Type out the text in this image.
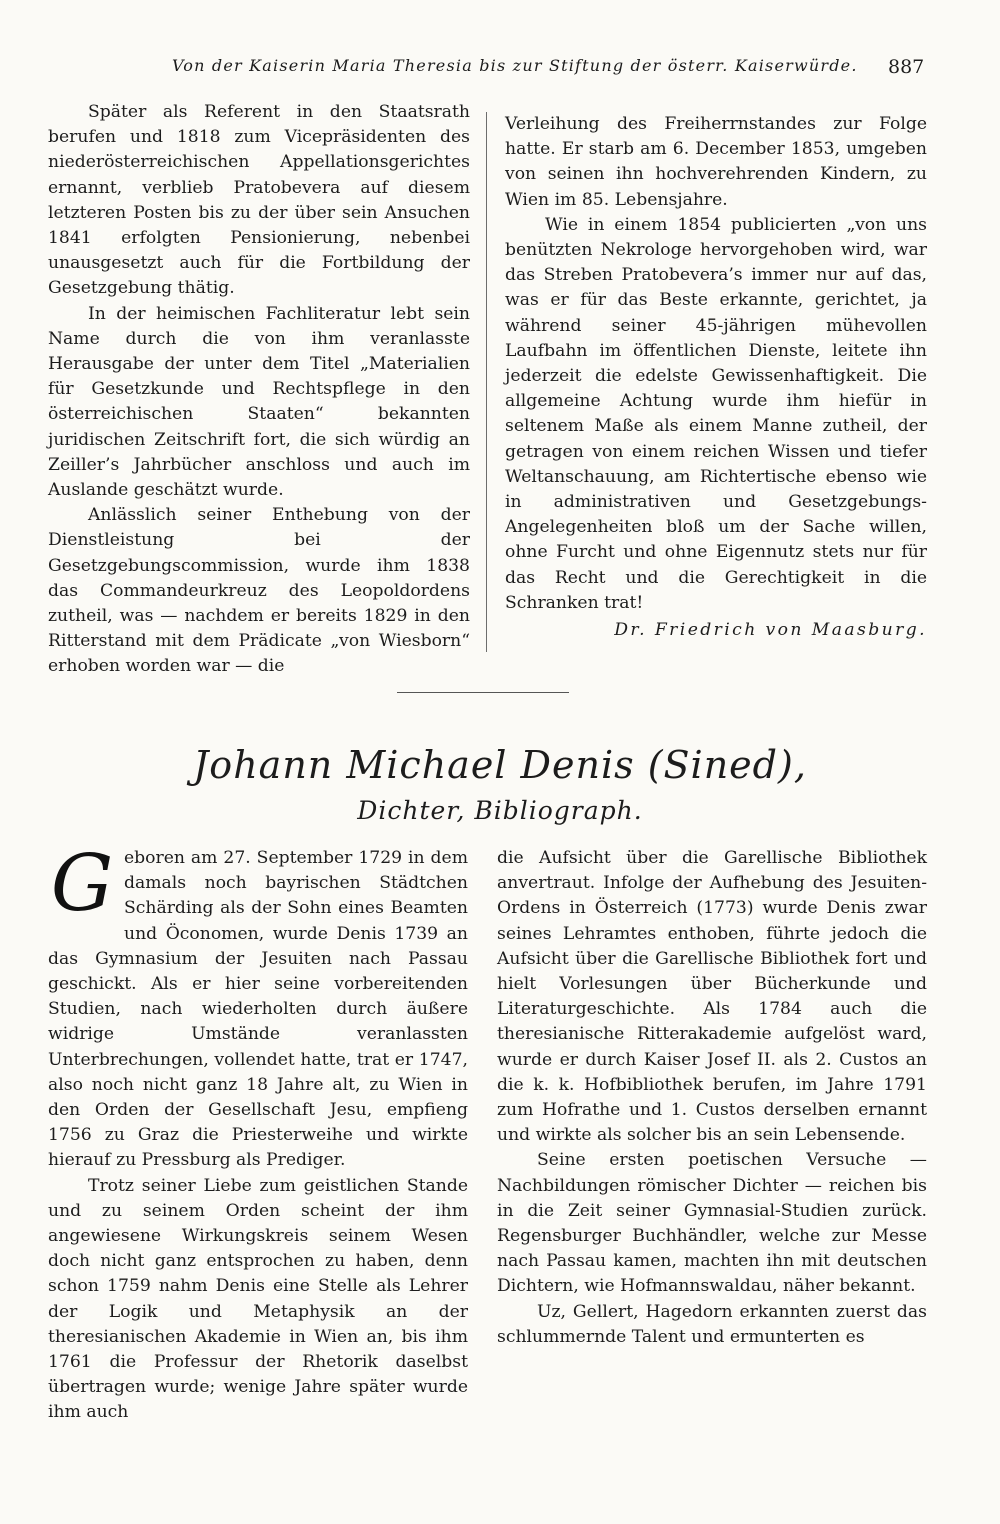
Von der Kaiserin Maria Theresia bis zur Stiftung der österr. Kaiserwürde. 887

Später als Referent in den Staatsrath berufen und 1818 zum Vicepräsidenten des niederösterreichischen Appellationsgerichtes ernannt, verblieb Pratobevera auf diesem letzteren Posten bis zu der über sein Ansuchen 1841 erfolgten Pensionierung, nebenbei unausgesetzt auch für die Fortbildung der Gesetzgebung thätig.

In der heimischen Fachliteratur lebt sein Name durch die von ihm veranlasste Herausgabe der unter dem Titel „Materialien für Gesetzkunde und Rechtspflege in den österreichischen Staaten“ bekannten juridischen Zeitschrift fort, die sich würdig an Zeiller’s Jahrbücher anschloss und auch im Auslande geschätzt wurde.

Anlässlich seiner Enthebung von der Dienstleistung bei der Gesetzgebungscommission, wurde ihm 1838 das Commandeurkreuz des Leopoldordens zutheil, was — nachdem er bereits 1829 in den Ritterstand mit dem Prädicate „von Wiesborn“ erhoben worden war — die

Verleihung des Freiherrnstandes zur Folge hatte. Er starb am 6. December 1853, umgeben von seinen ihn hochverehrenden Kindern, zu Wien im 85. Lebensjahre.

Wie in einem 1854 publicierten „von uns benützten Nekrologe hervorgehoben wird, war das Streben Pratobevera’s immer nur auf das, was er für das Beste erkannte, gerichtet, ja während seiner 45-jährigen mühevollen Laufbahn im öffentlichen Dienste, leitete ihn jederzeit die edelste Gewissenhaftigkeit. Die allgemeine Achtung wurde ihm hiefür in seltenem Maße als einem Manne zutheil, der getragen von einem reichen Wissen und tiefer Weltanschauung, am Richtertische ebenso wie in administrativen und Gesetzgebungs-Angelegenheiten bloß um der Sache willen, ohne Furcht und ohne Eigennutz stets nur für das Recht und die Gerechtigkeit in die Schranken trat!

Dr. Friedrich von Maasburg.

Johann Michael Denis (Sined),
Dichter, Bibliograph.
G eboren am 27. September 1729 in dem damals noch bayrischen Städtchen Schärding als der Sohn eines Beamten und Öconomen, wurde Denis 1739 an das Gymnasium der Jesuiten nach Passau geschickt. Als er hier seine vorbereitenden Studien, nach wiederholten durch äußere widrige Umstände veranlassten Unterbrechungen, vollendet hatte, trat er 1747, also noch nicht ganz 18 Jahre alt, zu Wien in den Orden der Gesellschaft Jesu, empfieng 1756 zu Graz die Priesterweihe und wirkte hierauf zu Pressburg als Prediger.

Trotz seiner Liebe zum geistlichen Stande und zu seinem Orden scheint der ihm angewiesene Wirkungskreis seinem Wesen doch nicht ganz entsprochen zu haben, denn schon 1759 nahm Denis eine Stelle als Lehrer der Logik und Metaphysik an der theresianischen Akademie in Wien an, bis ihm 1761 die Professur der Rhetorik daselbst übertragen wurde; wenige Jahre später wurde ihm auch

die Aufsicht über die Garellische Bibliothek anvertraut. Infolge der Aufhebung des Jesuiten-Ordens in Österreich (1773) wurde Denis zwar seines Lehramtes enthoben, führte jedoch die Aufsicht über die Garellische Bibliothek fort und hielt Vorlesungen über Bücherkunde und Literaturgeschichte. Als 1784 auch die theresianische Ritterakademie aufgelöst ward, wurde er durch Kaiser Josef II. als 2. Custos an die k. k. Hofbibliothek berufen, im Jahre 1791 zum Hofrathe und 1. Custos derselben ernannt und wirkte als solcher bis an sein Lebensende.

Seine ersten poetischen Versuche — Nachbildungen römischer Dichter — reichen bis in die Zeit seiner Gymnasial-Studien zurück. Regensburger Buchhändler, welche zur Messe nach Passau kamen, machten ihn mit deutschen Dichtern, wie Hofmannswaldau, näher bekannt.

Uz, Gellert, Hagedorn erkannten zuerst das schlummernde Talent und ermunterten es
